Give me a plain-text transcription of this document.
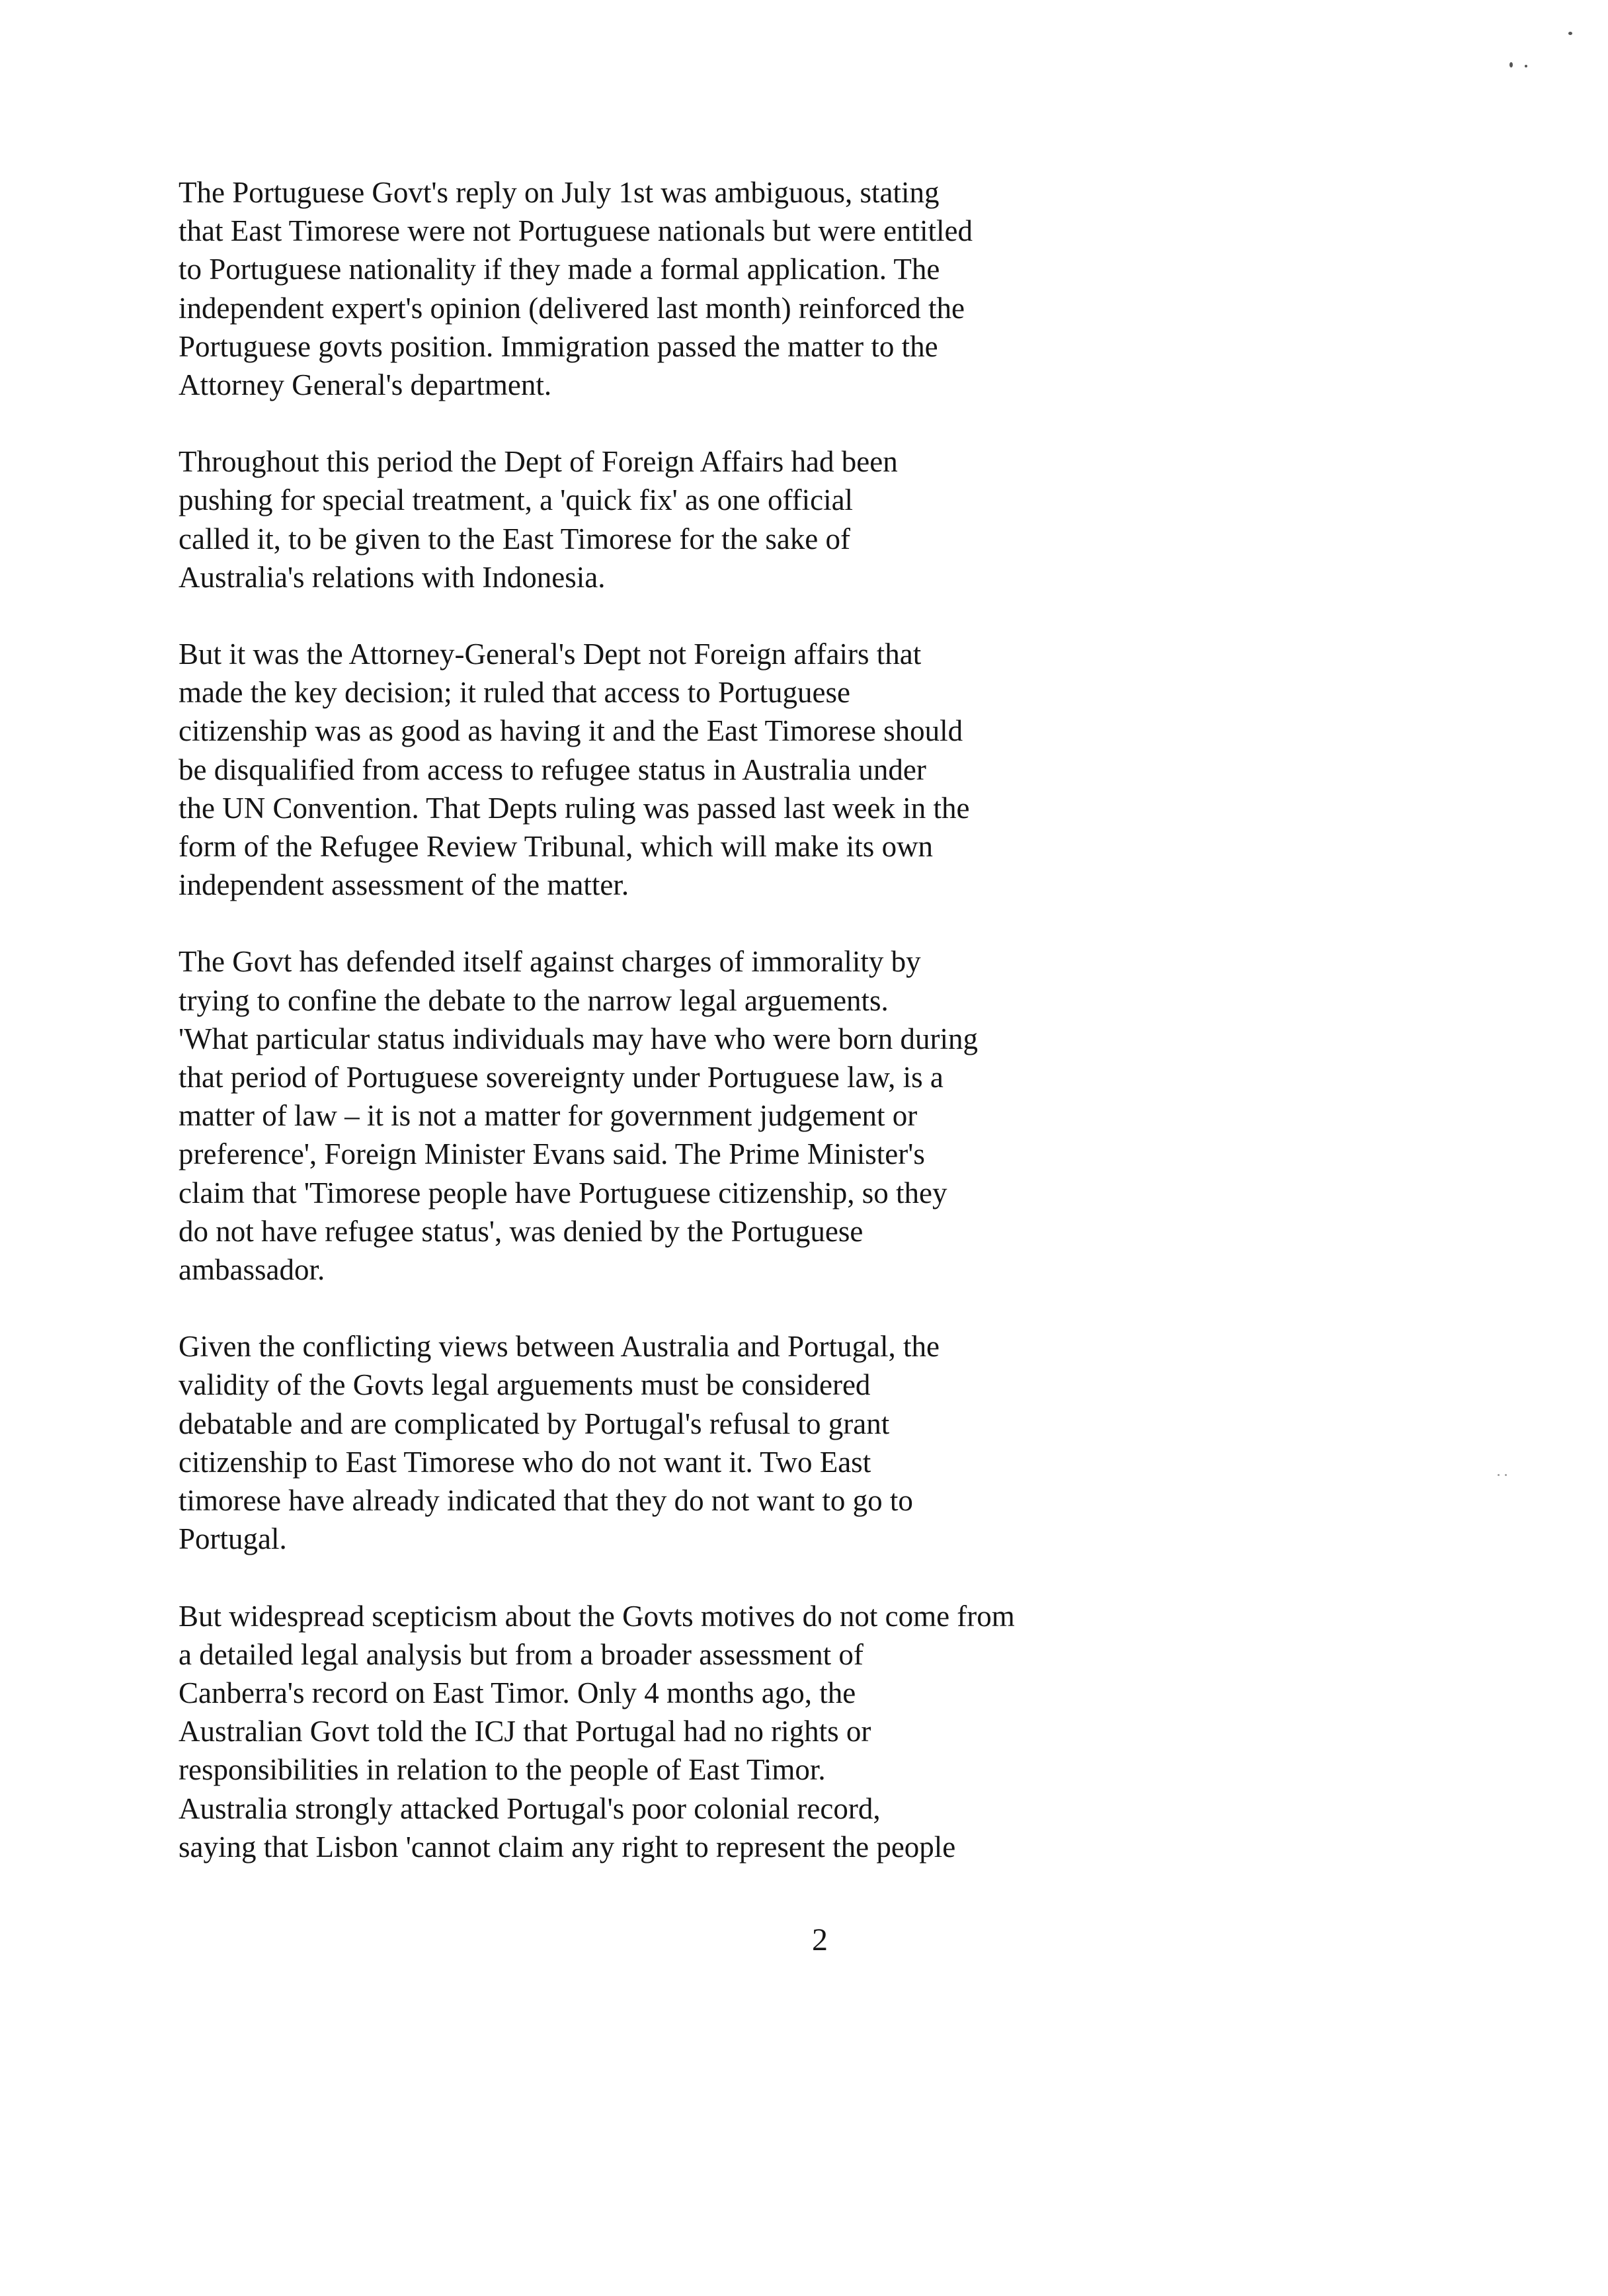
The Portuguese Govt's reply on July 1st was ambiguous, stating
that East Timorese were not Portuguese nationals but were entitled
to Portuguese nationality if they made a formal application. The
independent expert's opinion (delivered last month) reinforced the
Portuguese govts position. Immigration passed the matter to the
Attorney General's department.

Throughout this period the Dept of Foreign Affairs had been
pushing for special treatment, a 'quick fix' as one official
called it, to be given to the East Timorese for the sake of
Australia's relations with Indonesia.

But it was the Attorney-General's Dept not Foreign affairs that
made the key decision; it ruled that access to Portuguese
citizenship was as good as having it and the East Timorese should
be disqualified from access to refugee status in Australia under
the UN Convention. That Depts ruling was passed last week in the
form of the Refugee Review Tribunal, which will make its own
independent assessment of the matter.

The Govt has defended itself against charges of immorality by
trying to confine the debate to the narrow legal arguements.
'What particular status individuals may have who were born during
that period of Portuguese sovereignty under Portuguese law, is a
matter of law – it is not a matter for government judgement or
preference', Foreign Minister Evans said. The Prime Minister's
claim that 'Timorese people have Portuguese citizenship, so they
do not have refugee status', was denied by the Portuguese
ambassador.

Given the conflicting views between Australia and Portugal, the
validity of the Govts legal arguements must be considered
debatable and are complicated by Portugal's refusal to grant
citizenship to East Timorese who do not want it. Two East
timorese have already indicated that they do not want to go to
Portugal.

But widespread scepticism about the Govts motives do not come from
a detailed legal analysis but from a broader assessment of
Canberra's record on East Timor. Only 4 months ago, the
Australian Govt told the ICJ that Portugal had no rights or
responsibilities in relation to the people of East Timor.
Australia strongly attacked Portugal's poor colonial record,
saying that Lisbon 'cannot claim any right to represent the people

2
